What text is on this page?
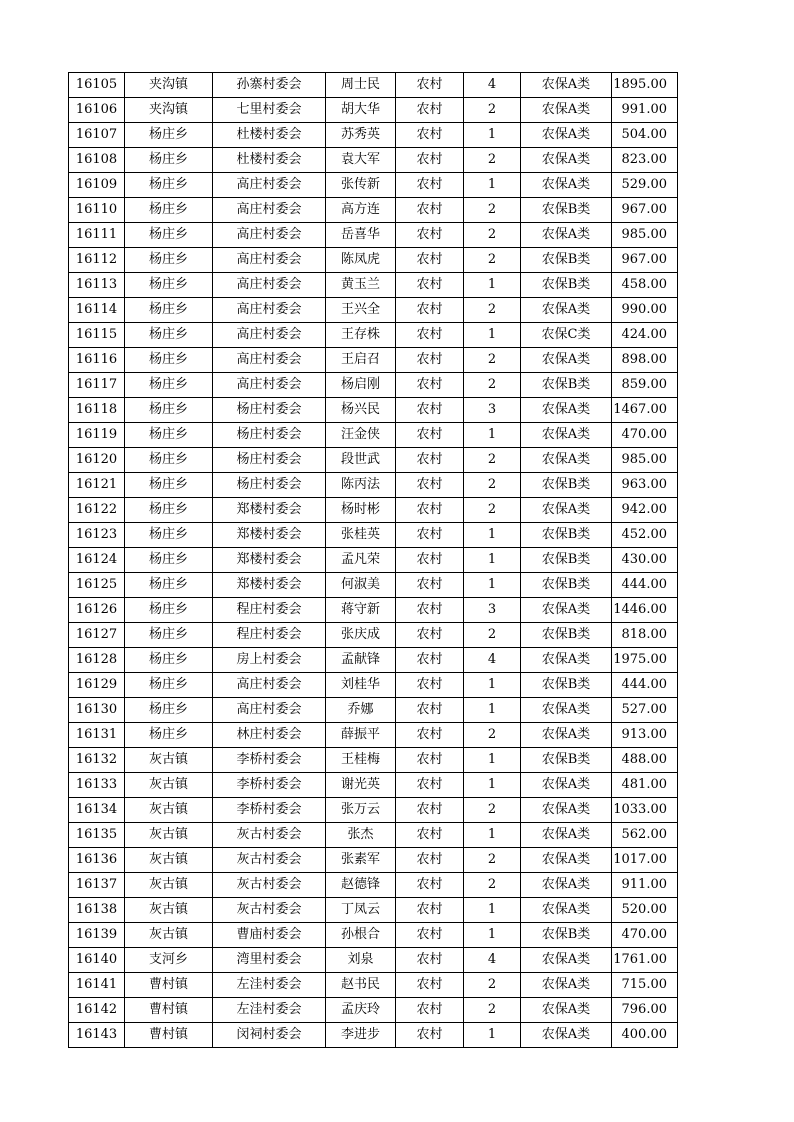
16105	夹沟镇	孙寨村委会	周士民	农村	4	农保A类	1895.00
16106	夹沟镇	七里村委会	胡大华	农村	2	农保A类	991.00
16107	杨庄乡	杜楼村委会	苏秀英	农村	1	农保A类	504.00
16108	杨庄乡	杜楼村委会	袁大军	农村	2	农保A类	823.00
16109	杨庄乡	高庄村委会	张传新	农村	1	农保A类	529.00
16110	杨庄乡	高庄村委会	高方连	农村	2	农保B类	967.00
16111	杨庄乡	高庄村委会	岳喜华	农村	2	农保A类	985.00
16112	杨庄乡	高庄村委会	陈凤虎	农村	2	农保B类	967.00
16113	杨庄乡	高庄村委会	黄玉兰	农村	1	农保B类	458.00
16114	杨庄乡	高庄村委会	王兴全	农村	2	农保A类	990.00
16115	杨庄乡	高庄村委会	王存株	农村	1	农保C类	424.00
16116	杨庄乡	高庄村委会	王启召	农村	2	农保A类	898.00
16117	杨庄乡	高庄村委会	杨启刚	农村	2	农保B类	859.00
16118	杨庄乡	杨庄村委会	杨兴民	农村	3	农保A类	1467.00
16119	杨庄乡	杨庄村委会	汪金侠	农村	1	农保A类	470.00
16120	杨庄乡	杨庄村委会	段世武	农村	2	农保A类	985.00
16121	杨庄乡	杨庄村委会	陈丙法	农村	2	农保B类	963.00
16122	杨庄乡	郑楼村委会	杨时彬	农村	2	农保A类	942.00
16123	杨庄乡	郑楼村委会	张桂英	农村	1	农保B类	452.00
16124	杨庄乡	郑楼村委会	孟凡荣	农村	1	农保B类	430.00
16125	杨庄乡	郑楼村委会	何淑美	农村	1	农保B类	444.00
16126	杨庄乡	程庄村委会	蒋守新	农村	3	农保A类	1446.00
16127	杨庄乡	程庄村委会	张庆成	农村	2	农保B类	818.00
16128	杨庄乡	房上村委会	孟献锋	农村	4	农保A类	1975.00
16129	杨庄乡	高庄村委会	刘桂华	农村	1	农保B类	444.00
16130	杨庄乡	高庄村委会	乔娜	农村	1	农保A类	527.00
16131	杨庄乡	林庄村委会	薛振平	农村	2	农保A类	913.00
16132	灰古镇	李桥村委会	王桂梅	农村	1	农保B类	488.00
16133	灰古镇	李桥村委会	谢光英	农村	1	农保A类	481.00
16134	灰古镇	李桥村委会	张万云	农村	2	农保A类	1033.00
16135	灰古镇	灰古村委会	张杰	农村	1	农保A类	562.00
16136	灰古镇	灰古村委会	张素军	农村	2	农保A类	1017.00
16137	灰古镇	灰古村委会	赵德锋	农村	2	农保A类	911.00
16138	灰古镇	灰古村委会	丁凤云	农村	1	农保A类	520.00
16139	灰古镇	曹庙村委会	孙根合	农村	1	农保B类	470.00
16140	支河乡	湾里村委会	刘泉	农村	4	农保A类	1761.00
16141	曹村镇	左洼村委会	赵书民	农村	2	农保A类	715.00
16142	曹村镇	左洼村委会	孟庆玲	农村	2	农保A类	796.00
16143	曹村镇	闵祠村委会	李进步	农村	1	农保A类	400.00
